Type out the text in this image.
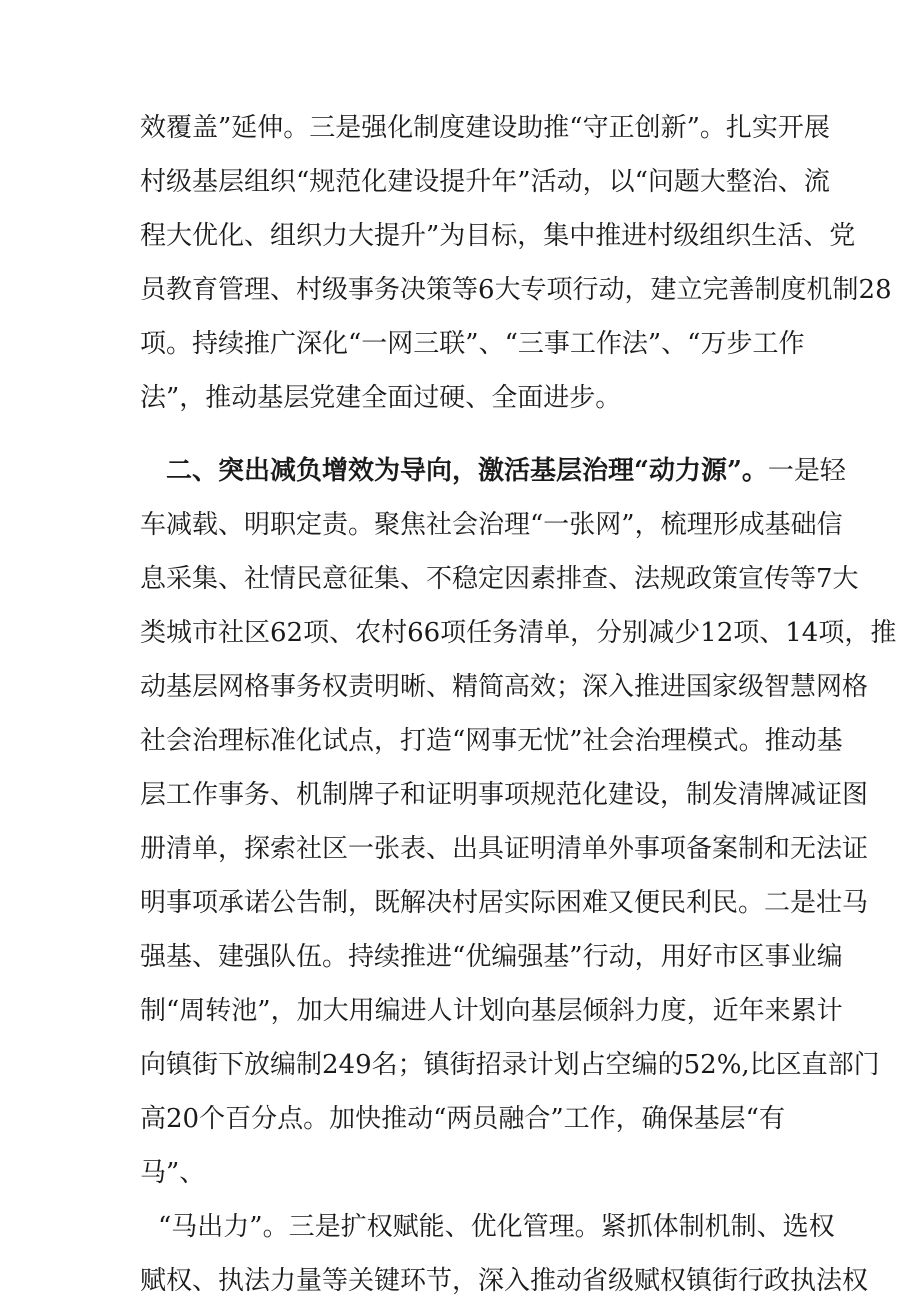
效覆盖”延伸。三是强化制度建设助推“守正创新”。扎实开展
村级基层组织“规范化建设提升年”活动，以“问题大整治、流
程大优化、组织力大提升”为目标，集中推进村级组织生活、党
员教育管理、村级事务决策等6大专项行动，建立完善制度机制28
项。持续推广深化“一网三联”、“三事工作法”、“万步工作
法”，推动基层党建全面过硬、全面进步。
二、突出减负增效为导向，激活基层治理“动力源”。一是轻
车减载、明职定责。聚焦社会治理“一张网”，梳理形成基础信
息采集、社情民意征集、不稳定因素排查、法规政策宣传等7大
类城市社区62项、农村66项任务清单，分别减少12项、14项，推
动基层网格事务权责明晰、精简高效；深入推进国家级智慧网格
社会治理标准化试点，打造“网事无忧”社会治理模式。推动基
层工作事务、机制牌子和证明事项规范化建设，制发清牌减证图
册清单，探索社区一张表、出具证明清单外事项备案制和无法证
明事项承诺公告制，既解决村居实际困难又便民利民。二是壮马
强基、建强队伍。持续推进“优编强基”行动，用好市区事业编
制“周转池”，加大用编进人计划向基层倾斜力度，近年来累计
向镇街下放编制249名；镇街招录计划占空编的52%,比区直部门
高20个百分点。加快推动“两员融合”工作，确保基层“有
马”、
“马出力”。三是扩权赋能、优化管理。紧抓体制机制、选权
赋权、执法力量等关键环节，深入推动省级赋权镇街行政执法权
